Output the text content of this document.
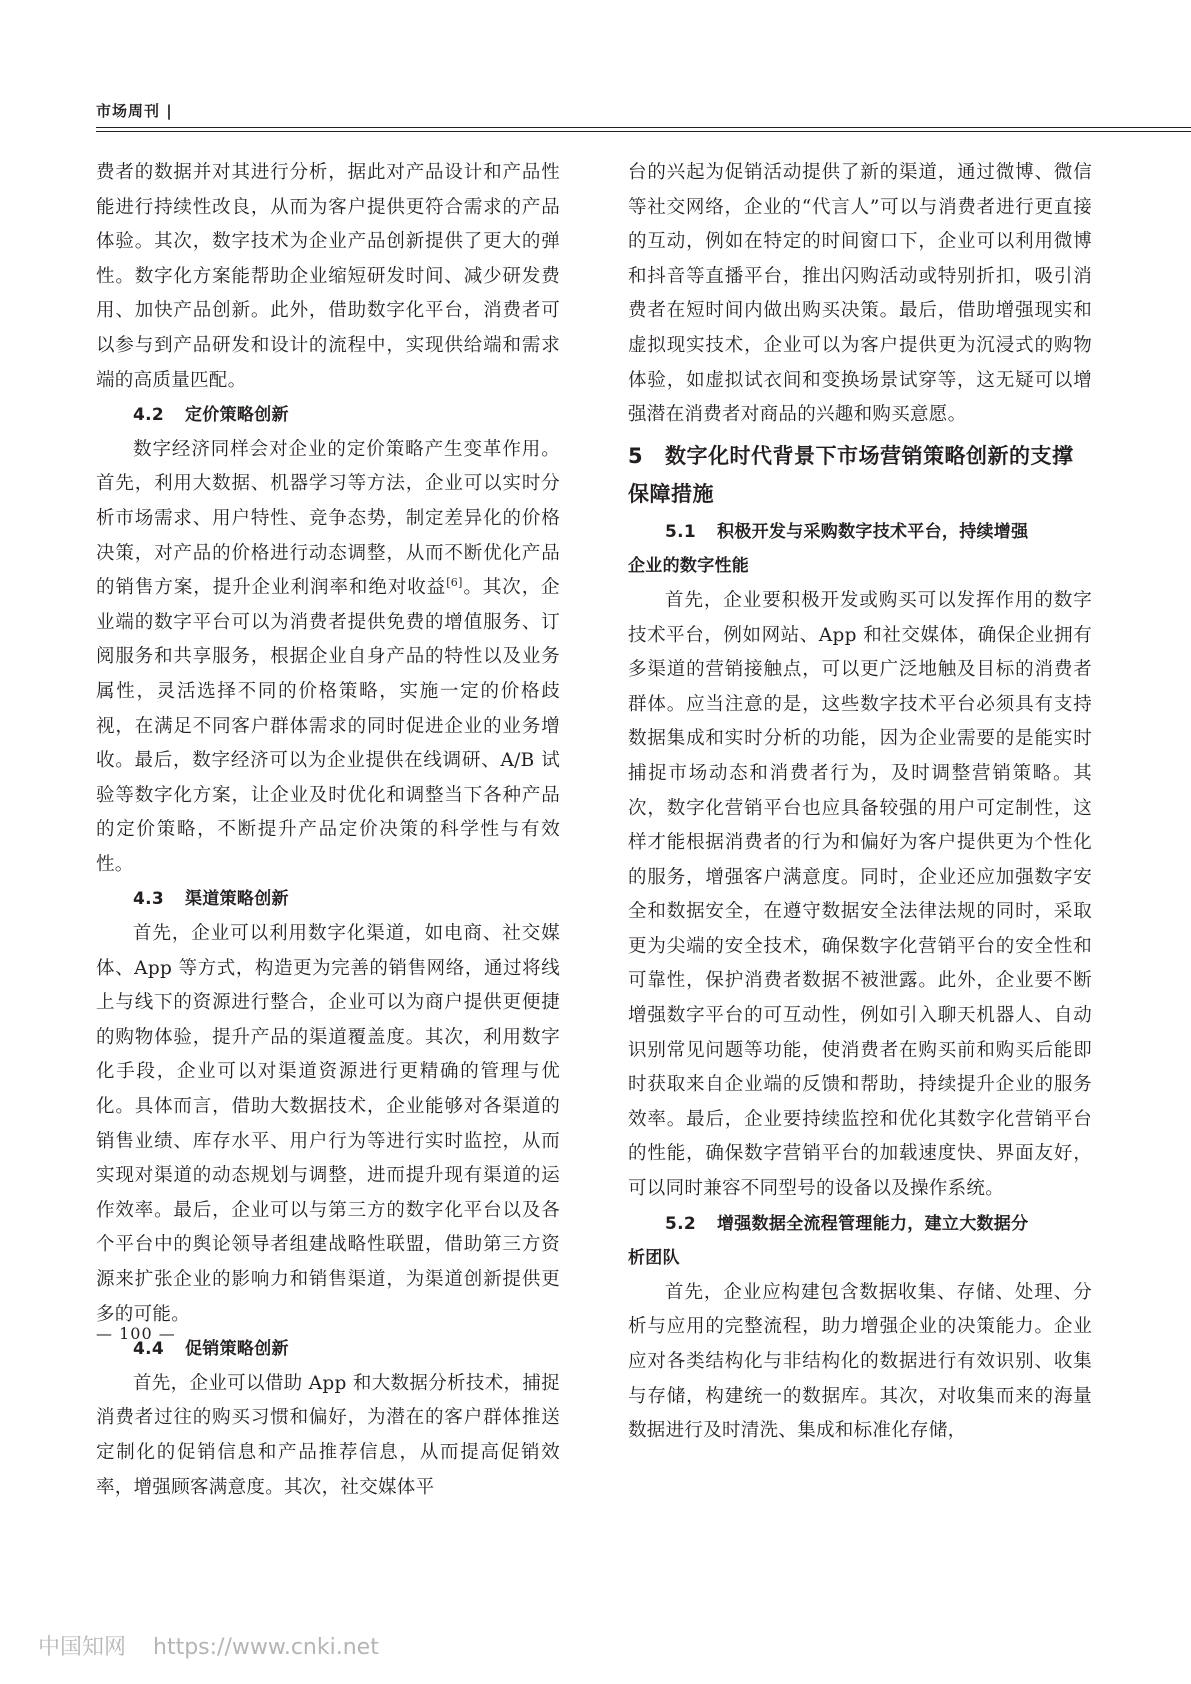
市场周刊 |

费者的数据并对其进行分析，据此对产品设计和产品性能进行持续性改良，从而为客户提供更符合需求的产品体验。其次，数字技术为企业产品创新提供了更大的弹性。数字化方案能帮助企业缩短研发时间、减少研发费用、加快产品创新。此外，借助数字化平台，消费者可以参与到产品研发和设计的流程中，实现供给端和需求端的高质量匹配。

4.2 定价策略创新

数字经济同样会对企业的定价策略产生变革作用。首先，利用大数据、机器学习等方法，企业可以实时分析市场需求、用户特性、竞争态势，制定差异化的价格决策，对产品的价格进行动态调整，从而不断优化产品的销售方案，提升企业利润率和绝对收益[6]。其次，企业端的数字平台可以为消费者提供免费的增值服务、订阅服务和共享服务，根据企业自身产品的特性以及业务属性，灵活选择不同的价格策略，实施一定的价格歧视，在满足不同客户群体需求的同时促进企业的业务增收。最后，数字经济可以为企业提供在线调研、A/B 试验等数字化方案，让企业及时优化和调整当下各种产品的定价策略，不断提升产品定价决策的科学性与有效性。

4.3 渠道策略创新

首先，企业可以利用数字化渠道，如电商、社交媒体、App 等方式，构造更为完善的销售网络，通过将线上与线下的资源进行整合，企业可以为商户提供更便捷的购物体验，提升产品的渠道覆盖度。其次，利用数字化手段，企业可以对渠道资源进行更精确的管理与优化。具体而言，借助大数据技术，企业能够对各渠道的销售业绩、库存水平、用户行为等进行实时监控，从而实现对渠道的动态规划与调整，进而提升现有渠道的运作效率。最后，企业可以与第三方的数字化平台以及各个平台中的舆论领导者组建战略性联盟，借助第三方资源来扩张企业的影响力和销售渠道，为渠道创新提供更多的可能。

4.4 促销策略创新

首先，企业可以借助 App 和大数据分析技术，捕捉消费者过往的购买习惯和偏好，为潜在的客户群体推送定制化的促销信息和产品推荐信息，从而提高促销效率，增强顾客满意度。其次，社交媒体平

台的兴起为促销活动提供了新的渠道，通过微博、微信等社交网络，企业的“代言人”可以与消费者进行更直接的互动，例如在特定的时间窗口下，企业可以利用微博和抖音等直播平台，推出闪购活动或特别折扣，吸引消费者在短时间内做出购买决策。最后，借助增强现实和虚拟现实技术，企业可以为客户提供更为沉浸式的购物体验，如虚拟试衣间和变换场景试穿等，这无疑可以增强潜在消费者对商品的兴趣和购买意愿。

5 数字化时代背景下市场营销策略创新的支撑保障措施
5.1 积极开发与采购数字技术平台，持续增强
企业的数字性能

首先，企业要积极开发或购买可以发挥作用的数字技术平台，例如网站、App 和社交媒体，确保企业拥有多渠道的营销接触点，可以更广泛地触及目标的消费者群体。应当注意的是，这些数字技术平台必须具有支持数据集成和实时分析的功能，因为企业需要的是能实时捕捉市场动态和消费者行为，及时调整营销策略。其次，数字化营销平台也应具备较强的用户可定制性，这样才能根据消费者的行为和偏好为客户提供更为个性化的服务，增强客户满意度。同时，企业还应加强数字安全和数据安全，在遵守数据安全法律法规的同时，采取更为尖端的安全技术，确保数字化营销平台的安全性和可靠性，保护消费者数据不被泄露。此外，企业要不断增强数字平台的可互动性，例如引入聊天机器人、自动识别常见问题等功能，使消费者在购买前和购买后能即时获取来自企业端的反馈和帮助，持续提升企业的服务效率。最后，企业要持续监控和优化其数字化营销平台的性能，确保数字营销平台的加载速度快、界面友好，可以同时兼容不同型号的设备以及操作系统。

5.2 增强数据全流程管理能力，建立大数据分
析团队

首先，企业应构建包含数据收集、存储、处理、分析与应用的完整流程，助力增强企业的决策能力。企业应对各类结构化与非结构化的数据进行有效识别、收集与存储，构建统一的数据库。其次，对收集而来的海量数据进行及时清洗、集成和标准化存储，

— 100 —
中国知网 https://www.cnki.net
